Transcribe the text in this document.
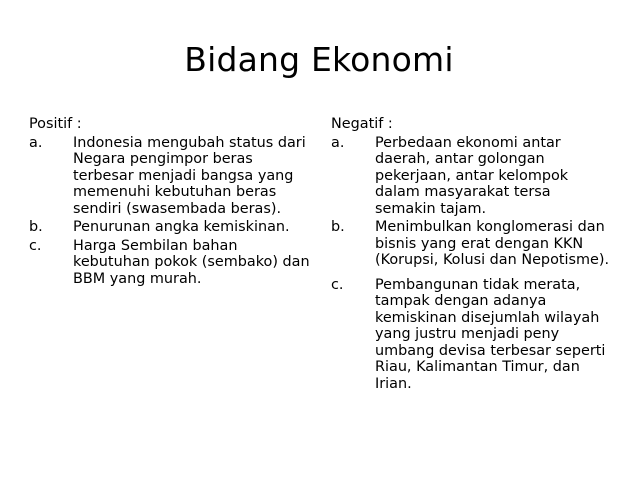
Bidang Ekonomi
Positif :
a.	Indonesia mengubah status dari Negara pengimpor beras terbesar menjadi bangsa yang memenuhi kebutuhan beras sendiri (swasembada beras).
b.	Penurunan angka kemiskinan.
c.	Harga Sembilan bahan kebutuhan pokok (sembako) dan BBM yang murah.
Negatif :
a.	Perbedaan ekonomi antar daerah, antar golongan pekerjaan, antar kelompok dalam masyarakat tersa semakin tajam.
b.	Menimbulkan konglomerasi dan bisnis yang erat dengan KKN (Korupsi, Kolusi dan Nepotisme).
c.	Pembangunan tidak merata, tampak dengan adanya kemiskinan disejumlah wilayah yang justru menjadi peny umbang devisa terbesar seperti Riau, Kalimantan Timur, dan Irian.
